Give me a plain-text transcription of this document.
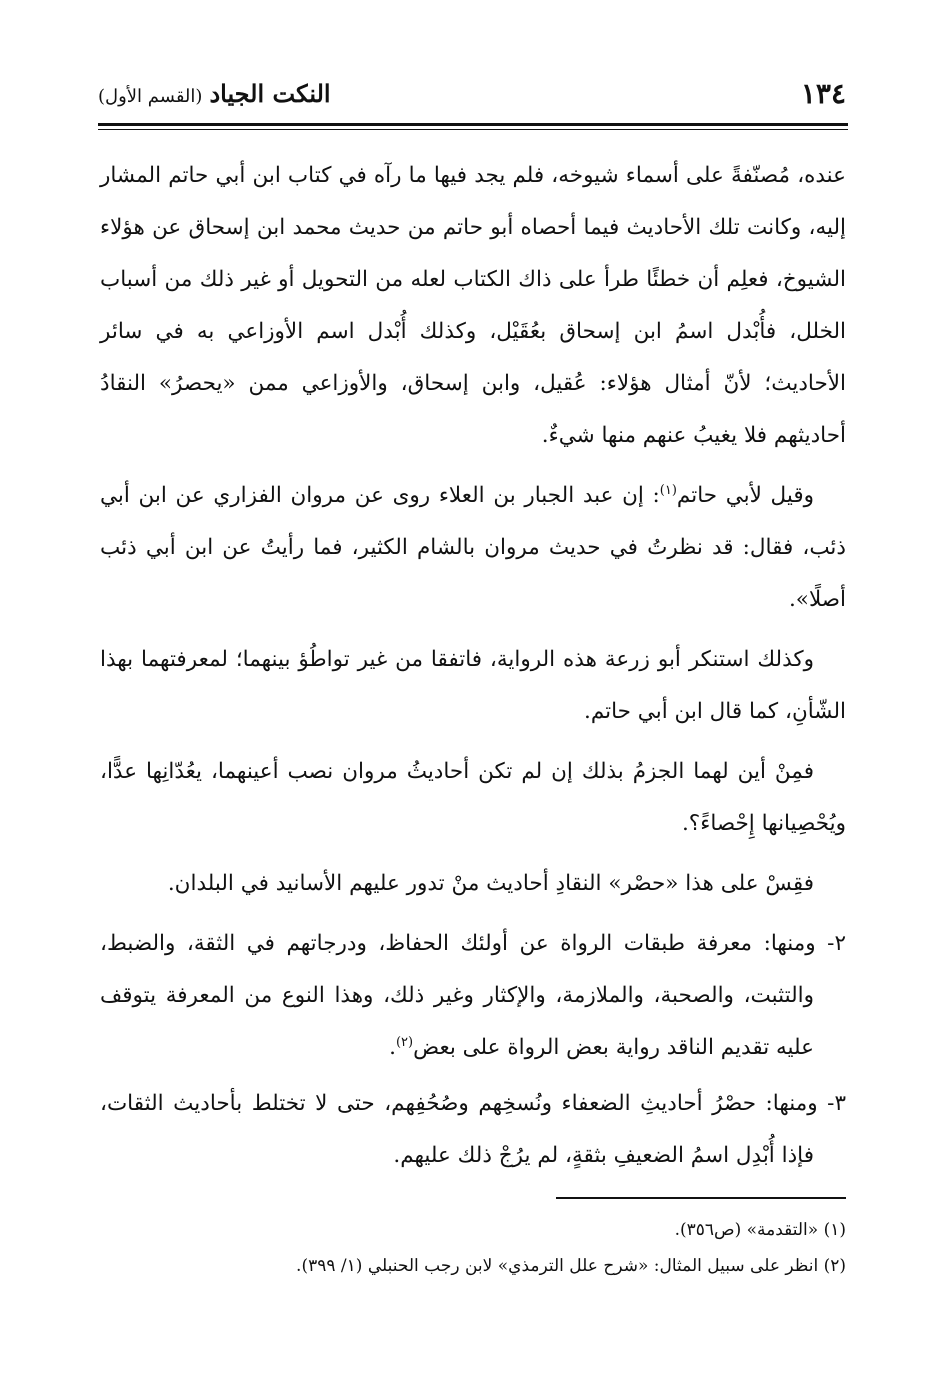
١٣٤
النكت الجياد (القسم الأول)

عنده، مُصنّفةً على أسماء شيوخه، فلم يجد فيها ما رآه في كتاب ابن أبي حاتم المشار إليه، وكانت تلك الأحاديث فيما أحصاه أبو حاتم من حديث محمد ابن إسحاق عن هؤلاء الشيوخ، فعلِم أن خطئًا طرأ على ذاك الكتاب لعله من التحويل أو غير ذلك من أسباب الخلل، فأُبْدل اسمُ ابن إسحاق بعُقَيْل، وكذلك أُبْدل اسم الأوزاعي به في سائر الأحاديث؛ لأنّ أمثال هؤلاء: عُقيل، وابن إسحاق، والأوزاعي ممن «يحصرُ» النقادُ أحاديثهم فلا يغيبُ عنهم منها شيءٌ.

وقيل لأبي حاتم$^{(١)}$: إن عبد الجبار بن العلاء روى عن مروان الفزاري عن ابن أبي ذئب، فقال: قد نظرتُ في حديث مروان بالشام الكثير، فما رأيتُ عن ابن أبي ذئب أصلًا».

وكذلك استنكر أبو زرعة هذه الرواية، فاتفقا من غير تواطُؤ بينهما؛ لمعرفتهما بهذا الشّأنِ، كما قال ابن أبي حاتم.

فمِنْ أين لهما الجزمُ بذلك إن لم تكن أحاديثُ مروان نصب أعينهما، يعُدّانِها عدًّا، ويُحْصِيانها إِحْصاءً؟.

فقِسْ على هذا «حصْر» النقادِ أحاديث منْ تدور عليهم الأسانيد في البلدان.

٢- ومنها: معرفة طبقات الرواة عن أولئك الحفاظ، ودرجاتهم في الثقة، والضبط، والتثبت، والصحبة، والملازمة، والإكثار وغير ذلك، وهذا النوع من المعرفة يتوقف عليه تقديم الناقد رواية بعض الرواة على بعض$^{(٢)}$.

٣- ومنها: حصْرُ أحاديثِ الضعفاء ونُسخِهم وصُحُفِهم، حتى لا تختلط بأحاديث الثقات، فإذا أُبْدِل اسمُ الضعيفِ بثقةٍ، لم يرُجْ ذلك عليهم.

(١) «التقدمة» (ص٣٥٦).
(٢) انظر على سبيل المثال: «شرح علل الترمذي» لابن رجب الحنبلي (١/ ٣٩٩).
